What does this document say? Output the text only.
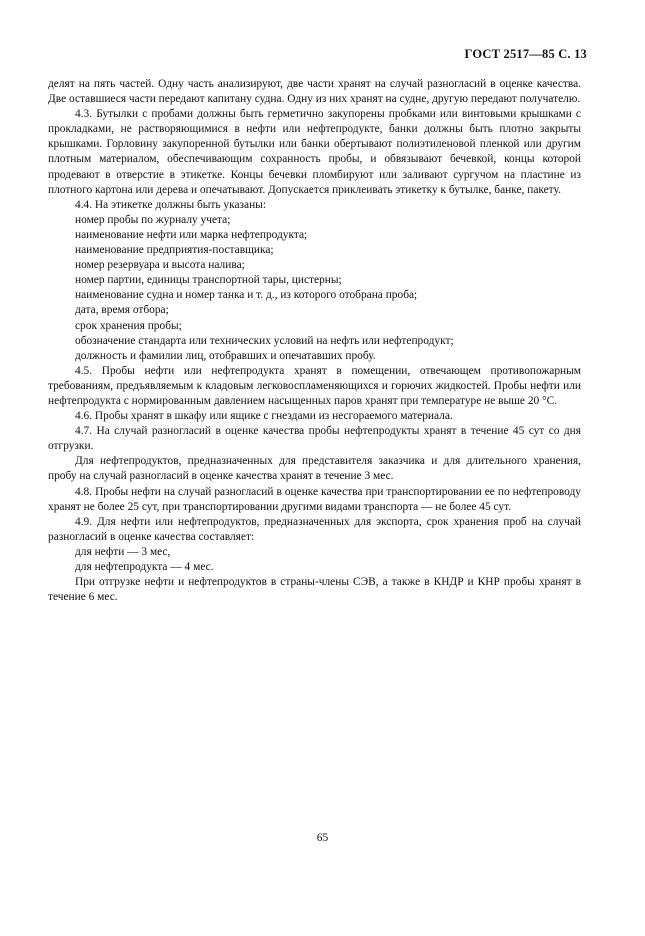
ГОСТ 2517—85 С. 13

делят на пять частей. Одну часть анализируют, две части хранят на случай разногласий в оценке качества. Две оставшиеся части передают капитану судна. Одну из них хранят на судне, другую передают получателю.

4.3. Бутылки с пробами должны быть герметично закупорены пробками или винтовыми крышками с прокладками, не растворяющимися в нефти или нефтепродукте, банки должны быть плотно закрыты крышками. Горловину закупоренной бутылки или банки обертывают полиэтиленовой пленкой или другим плотным материалом, обеспечивающим сохранность пробы, и обвязывают бечевкой, концы которой продевают в отверстие в этикетке. Концы бечевки пломбируют или заливают сургучом на пластине из плотного картона или дерева и опечатывают. Допускается приклеивать этикетку к бутылке, банке, пакету.

4.4. На этикетке должны быть указаны:

номер пробы по журналу учета;

наименование нефти или марка нефтепродукта;

наименование предприятия-поставщика;

номер резервуара и высота налива;

номер партии, единицы транспортной тары, цистерны;

наименование судна и номер танка и т. д., из которого отобрана проба;

дата, время отбора;

срок хранения пробы;

обозначение стандарта или технических условий на нефть или нефтепродукт;

должность и фамилии лиц, отобравших и опечатавших пробу.

4.5. Пробы нефти или нефтепродукта хранят в помещении, отвечающем противопожарным требованиям, предъявляемым к кладовым легковоспламеняющихся и горючих жидкостей. Пробы нефти или нефтепродукта с нормированным давлением насыщенных паров хранят при температуре не выше 20 °С.

4.6. Пробы хранят в шкафу или ящике с гнездами из несгораемого материала.

4.7. На случай разногласий в оценке качества пробы нефтепродукты хранят в течение 45 сут со дня отгрузки.

Для нефтепродуктов, предназначенных для представителя заказчика и для длительного хранения, пробу на случай разногласий в оценке качества хранят в течение 3 мес.

4.8. Пробы нефти на случай разногласий в оценке качества при транспортировании ее по нефтепроводу хранят не более 25 сут, при транспортировании другими видами транспорта — не более 45 сут.

4.9. Для нефти или нефтепродуктов, предназначенных для экспорта, срок хранения проб на случай разногласий в оценке качества составляет:

для нефти — 3 мес,

для нефтепродукта — 4 мес.

При отгрузке нефти и нефтепродуктов в страны-члены СЭВ, а также в КНДР и КНР пробы хранят в течение 6 мес.

65
